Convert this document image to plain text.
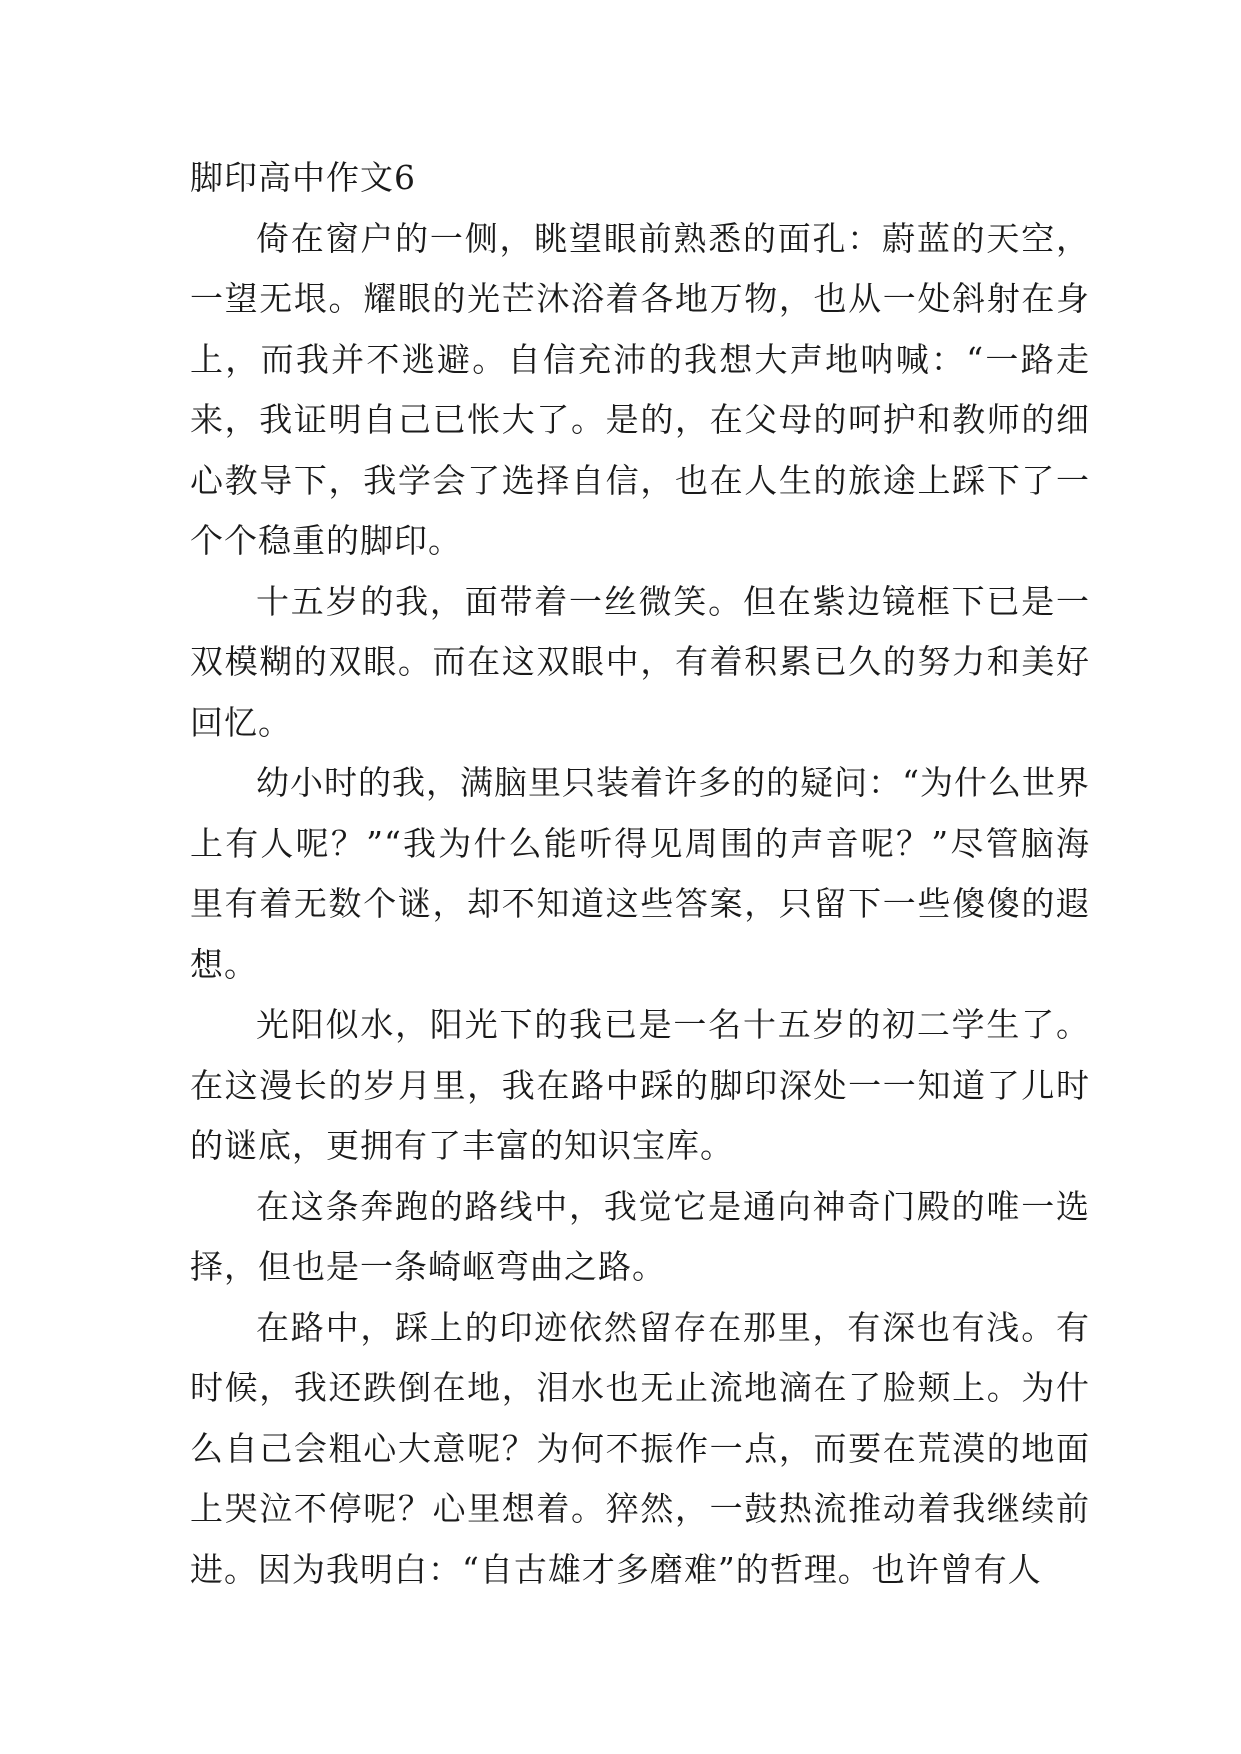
脚印高中作文6

倚在窗户的一侧，眺望眼前熟悉的面孔：蔚蓝的天空，一望无垠。耀眼的光芒沐浴着各地万物，也从一处斜射在身上，而我并不逃避。自信充沛的我想大声地呐喊：“一路走来，我证明自己已怅大了。是的，在父母的呵护和教师的细心教导下，我学会了选择自信，也在人生的旅途上踩下了一个个稳重的脚印。

十五岁的我，面带着一丝微笑。但在紫边镜框下已是一双模糊的双眼。而在这双眼中，有着积累已久的努力和美好回忆。

幼小时的我，满脑里只装着许多的的疑问：“为什么世界上有人呢？”“我为什么能听得见周围的声音呢？”尽管脑海里有着无数个谜，却不知道这些答案，只留下一些傻傻的遐想。

光阳似水，阳光下的我已是一名十五岁的初二学生了。在这漫长的岁月里，我在路中踩的脚印深处一一知道了儿时的谜底，更拥有了丰富的知识宝库。

在这条奔跑的路线中，我觉它是通向神奇门殿的唯一选择，但也是一条崎岖弯曲之路。

在路中，踩上的印迹依然留存在那里，有深也有浅。有时候，我还跌倒在地，泪水也无止流地滴在了脸颊上。为什么自己会粗心大意呢？为何不振作一点，而要在荒漠的地面上哭泣不停呢？心里想着。猝然，一鼓热流推动着我继续前进。因为我明白：“自古雄才多磨难”的哲理。也许曾有人
